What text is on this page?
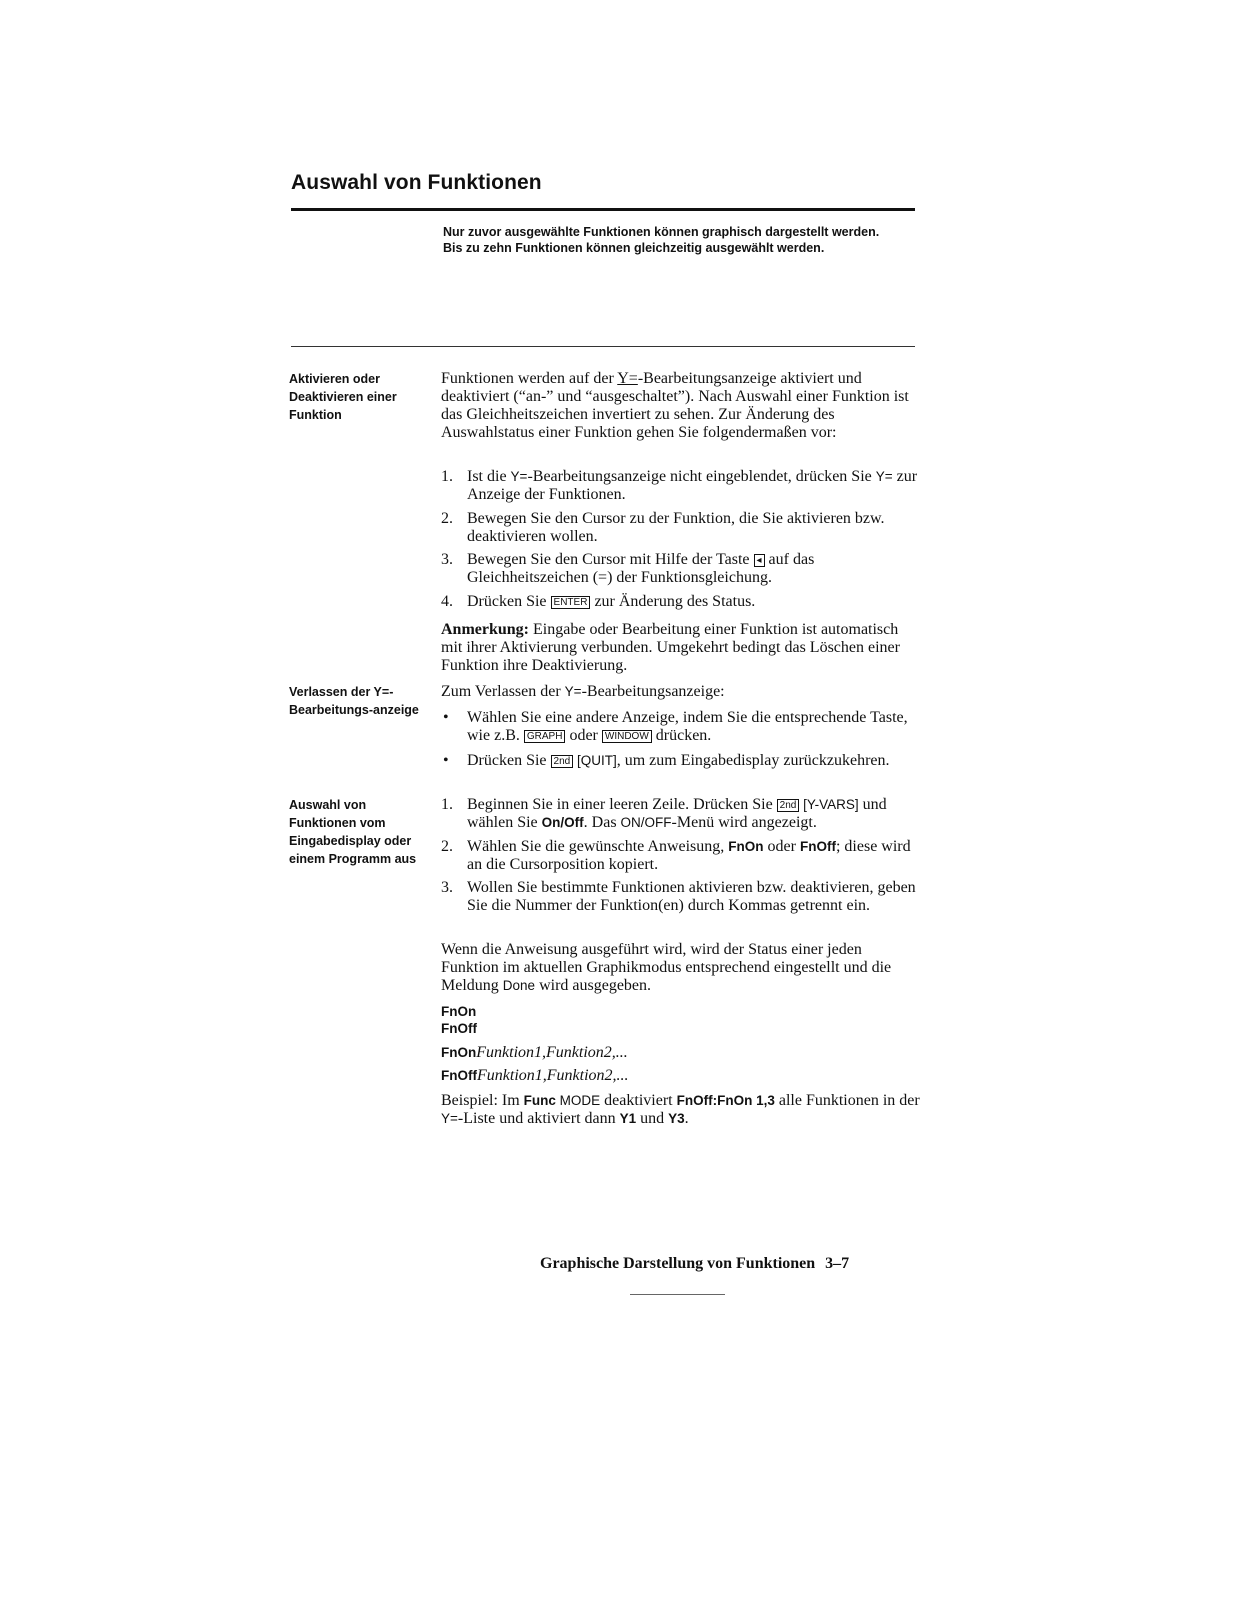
Auswahl von Funktionen
Nur zuvor ausgewählte Funktionen können graphisch dargestellt werden. Bis zu zehn Funktionen können gleichzeitig ausgewählt werden.
Aktivieren oder Deaktivieren einer Funktion
Funktionen werden auf der Y=-Bearbeitungsanzeige aktiviert und deaktiviert (“an-” und “ausgeschaltet”). Nach Auswahl einer Funktion ist das Gleichheitszeichen invertiert zu sehen. Zur Änderung des Auswahlstatus einer Funktion gehen Sie folgendermaßen vor:
1. Ist die Y=-Bearbeitungsanzeige nicht eingeblendet, drücken Sie Y= zur Anzeige der Funktionen.
2. Bewegen Sie den Cursor zu der Funktion, die Sie aktivieren bzw. deaktivieren wollen.
3. Bewegen Sie den Cursor mit Hilfe der Taste ◂ auf das Gleichheitszeichen (=) der Funktionsgleichung.
4. Drücken Sie ENTER zur Änderung des Status.
Anmerkung: Eingabe oder Bearbeitung einer Funktion ist automatisch mit ihrer Aktivierung verbunden. Umgekehrt bedingt das Löschen einer Funktion ihre Deaktivierung.
Verlassen der Y=-Bearbeitungs-anzeige
Zum Verlassen der Y=-Bearbeitungsanzeige:
• Wählen Sie eine andere Anzeige, indem Sie die entsprechende Taste, wie z.B. GRAPH oder WINDOW drücken.
• Drücken Sie 2nd [QUIT], um zum Eingabedisplay zurückzukehren.
Auswahl von Funktionen vom Eingabedisplay oder einem Programm aus
1. Beginnen Sie in einer leeren Zeile. Drücken Sie 2nd [Y-VARS] und wählen Sie On/Off. Das ON/OFF-Menü wird angezeigt.
2. Wählen Sie die gewünschte Anweisung, FnOn oder FnOff; diese wird an die Cursorposition kopiert.
3. Wollen Sie bestimmte Funktionen aktivieren bzw. deaktivieren, geben Sie die Nummer der Funktion(en) durch Kommas getrennt ein.
Wenn die Anweisung ausgeführt wird, wird der Status einer jeden Funktion im aktuellen Graphikmodus entsprechend eingestellt und die Meldung Done wird ausgegeben.
FnOn
FnOff
FnOnFunktion1,Funktion2,...
FnOffFunktion1,Funktion2,...
Beispiel: Im Func MODE deaktiviert FnOff:FnOn 1,3 alle Funktionen in der Y=-Liste und aktiviert dann Y1 und Y3.
Graphische Darstellung von Funktionen 3–7
